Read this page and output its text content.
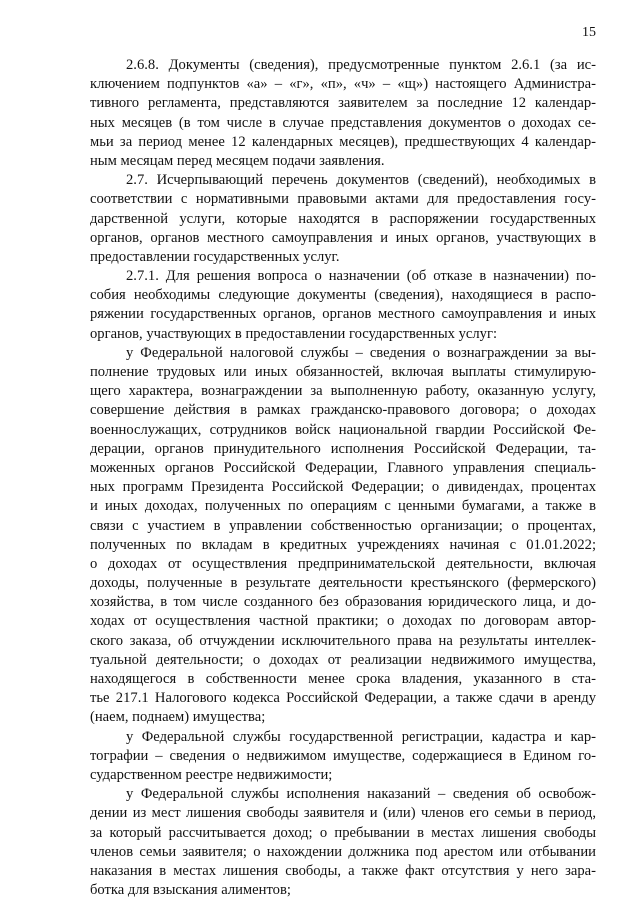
15
2.6.8. Документы (сведения), предусмотренные пунктом 2.6.1 (за ис-
ключением подпунктов «а» – «г», «п», «ч» – «щ») настоящего Администра-
тивного регламента, представляются заявителем за последние 12 календар-
ных месяцев (в том числе в случае представления документов о доходах се-
мьи за период менее 12 календарных месяцев), предшествующих 4 календар-
ным месяцам перед месяцем подачи заявления.
2.7. Исчерпывающий перечень документов (сведений), необходимых в
соответствии с нормативными правовыми актами для предоставления госу-
дарственной услуги, которые находятся в распоряжении государственных
органов, органов местного самоуправления и иных органов, участвующих в
предоставлении государственных услуг.
2.7.1. Для решения вопроса о назначении (об отказе в назначении) по-
собия необходимы следующие документы (сведения), находящиеся в распо-
ряжении государственных органов, органов местного самоуправления и иных
органов, участвующих в предоставлении государственных услуг:
у Федеральной налоговой службы – сведения о вознаграждении за вы-
полнение трудовых или иных обязанностей, включая выплаты стимулирую-
щего характера, вознаграждении за выполненную работу, оказанную услугу,
совершение действия в рамках гражданско-правового договора; о доходах
военнослужащих, сотрудников войск национальной гвардии Российской Фе-
дерации, органов принудительного исполнения Российской Федерации, та-
моженных органов Российской Федерации, Главного управления специаль-
ных программ Президента Российской Федерации; о дивидендах, процентах
и иных доходах, полученных по операциям с ценными бумагами, а также в
связи с участием в управлении собственностью организации; о процентах,
полученных по вкладам в кредитных учреждениях начиная с 01.01.2022;
о доходах от осуществления предпринимательской деятельности, включая
доходы, полученные в результате деятельности крестьянского (фермерского)
хозяйства, в том числе созданного без образования юридического лица, и до-
ходах от осуществления частной практики; о доходах по договорам автор-
ского заказа, об отчуждении исключительного права на результаты интеллек-
туальной деятельности; о доходах от реализации недвижимого имущества,
находящегося в собственности менее срока владения, указанного в ста-
тье 217.1 Налогового кодекса Российской Федерации, а также сдачи в аренду
(наем, поднаем) имущества;
у Федеральной службы государственной регистрации, кадастра и кар-
тографии – сведения о недвижимом имуществе, содержащиеся в Едином го-
сударственном реестре недвижимости;
у Федеральной службы исполнения наказаний – сведения об освобож-
дении из мест лишения свободы заявителя и (или) членов его семьи в период,
за который рассчитывается доход; о пребывании в местах лишения свободы
членов семьи заявителя; о нахождении должника под арестом или отбывании
наказания в местах лишения свободы, а также факт отсутствия у него зара-
ботка для взыскания алиментов;
